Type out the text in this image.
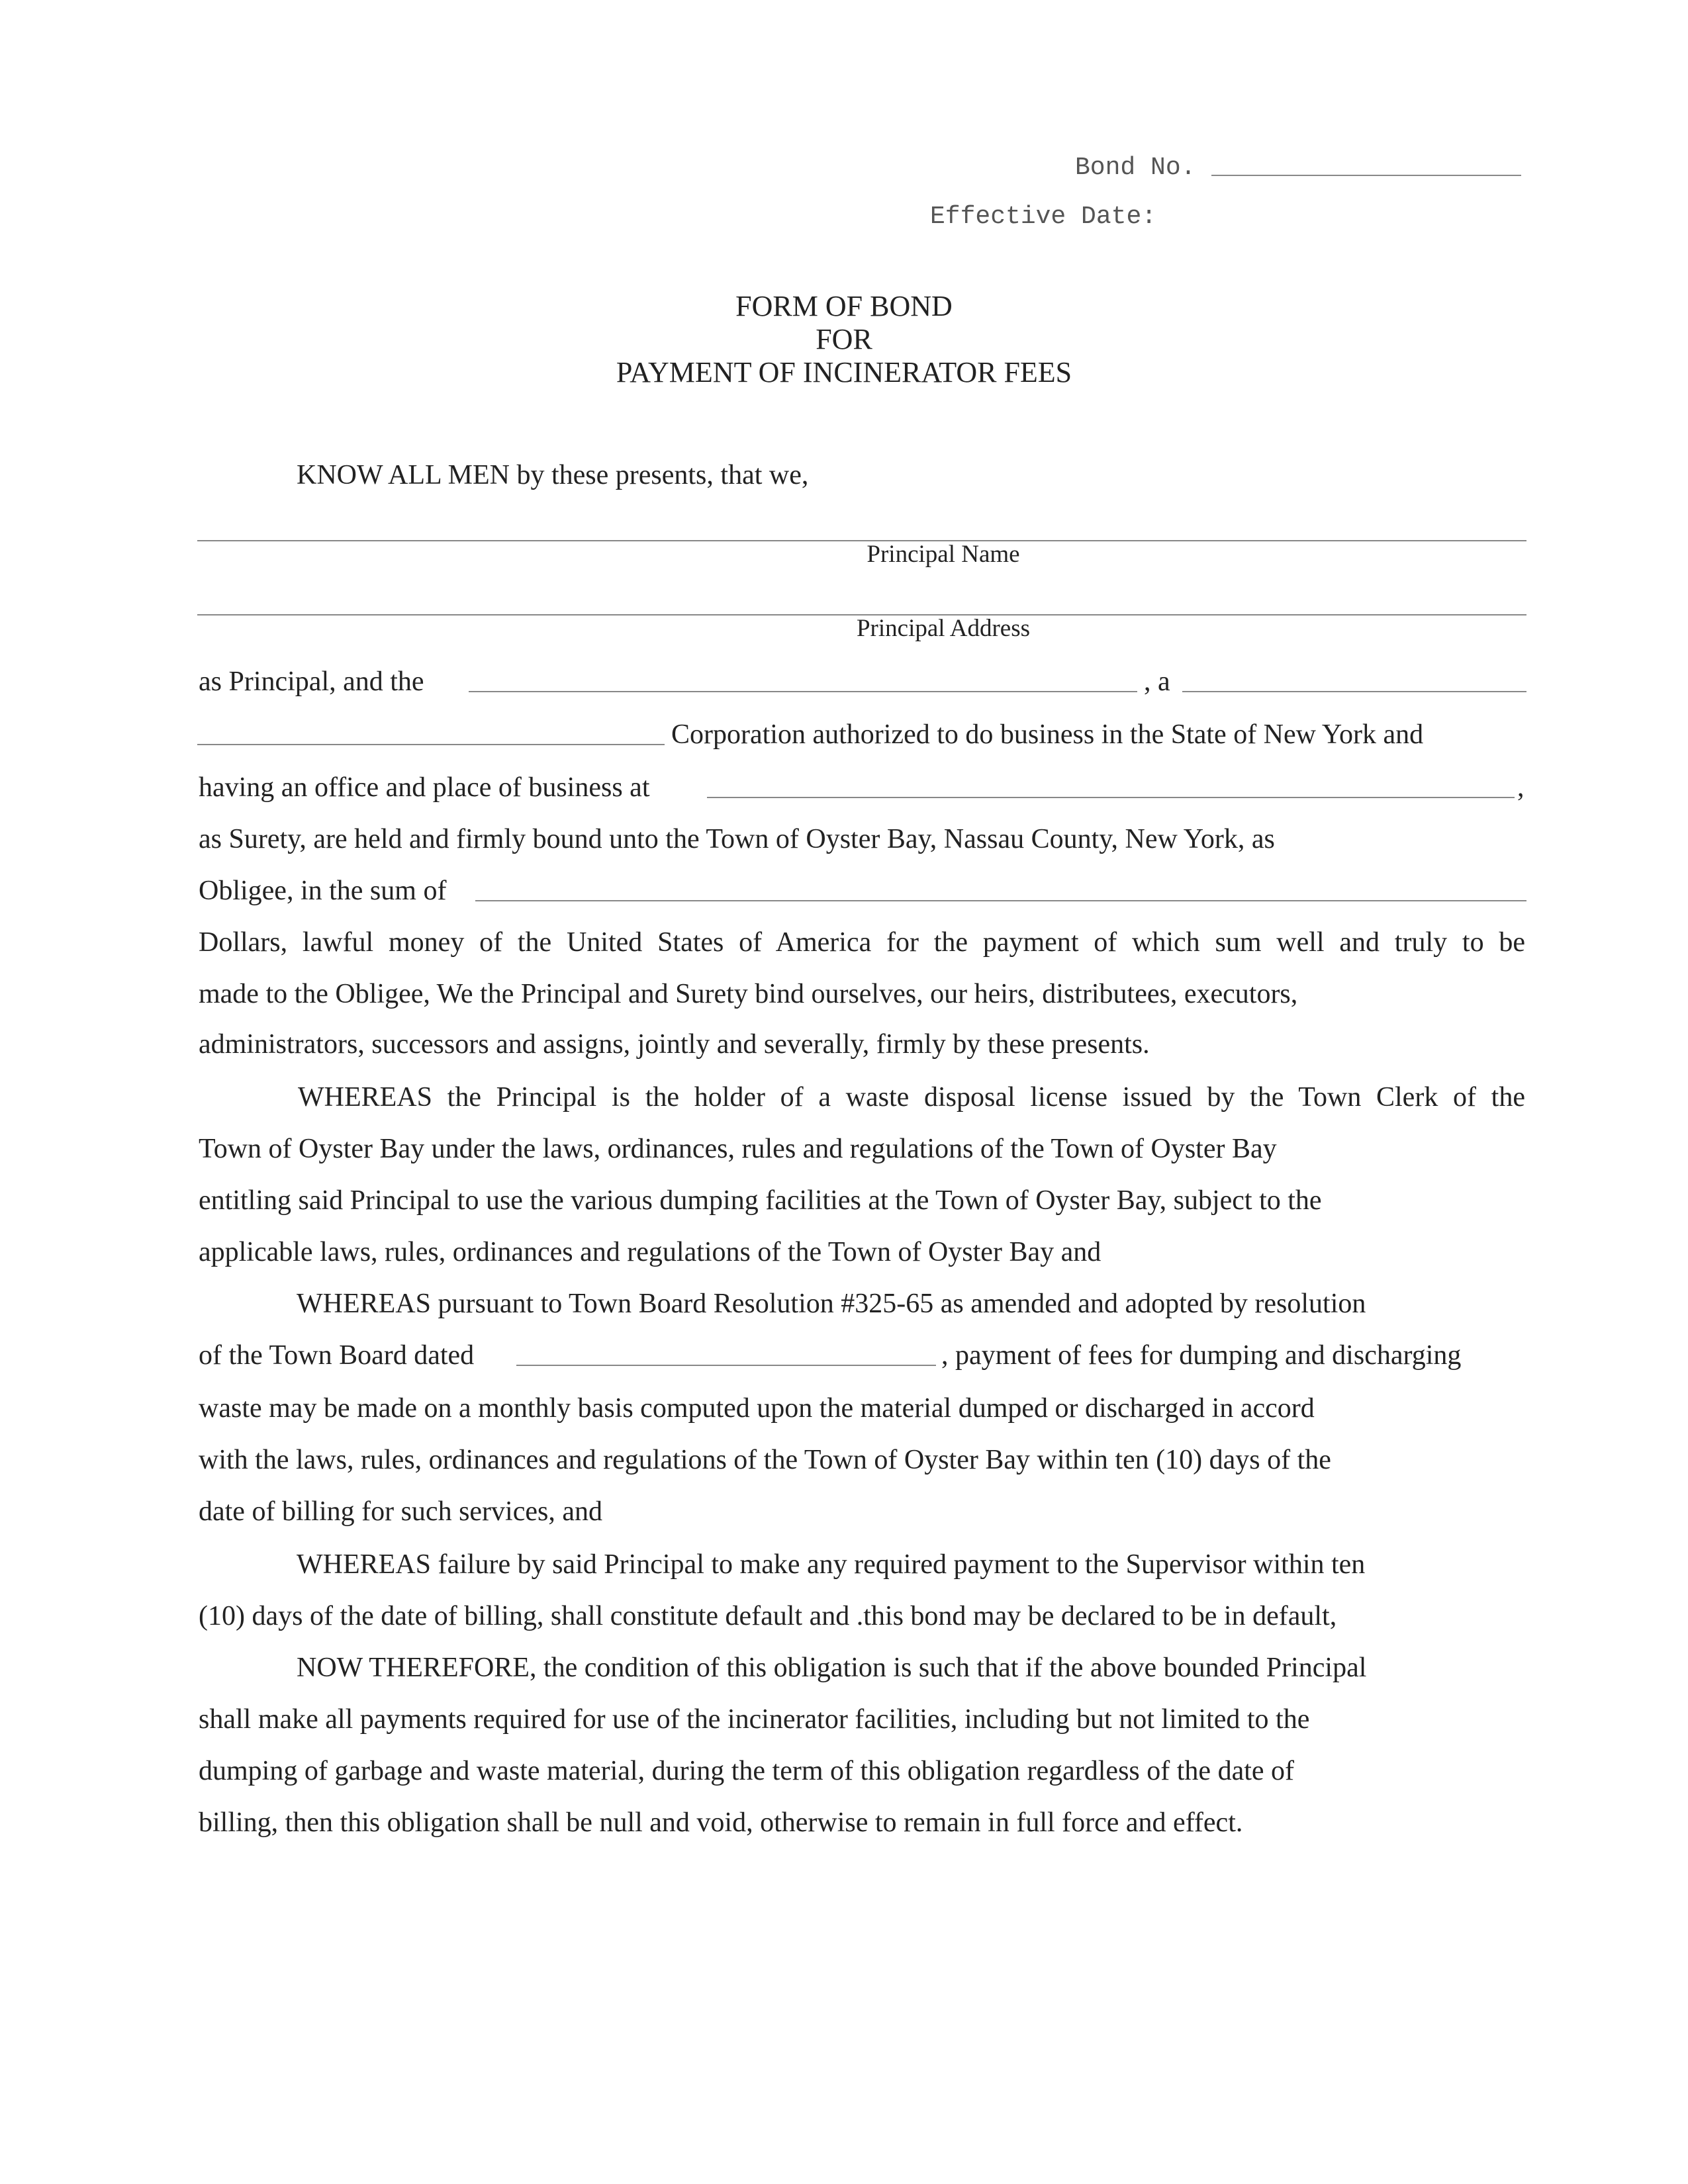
Bond No.
Effective Date:
FORM OF BOND
FOR
PAYMENT OF INCINERATOR FEES
KNOW ALL MEN by these presents, that we,
Principal Name
Principal Address
as Principal, and the	, a
Corporation authorized to do business in the State of New York and
having an office and place of business at	,
as Surety, are held and firmly bound unto the Town of Oyster Bay, Nassau County, New York, as
Obligee, in the sum of
Dollars, lawful money of the United States of America for the payment of which sum well and truly to be
made to the Obligee, We the Principal and Surety bind ourselves, our heirs, distributees, executors,
administrators, successors and assigns, jointly and severally, firmly by these presents.
WHEREAS the Principal is the holder of a waste disposal license issued by the Town Clerk of the
Town of Oyster Bay under the laws, ordinances, rules and regulations of the Town of Oyster Bay
entitling said Principal to use the various dumping facilities at the Town of Oyster Bay, subject to the
applicable laws, rules, ordinances and regulations of the Town of Oyster Bay and
WHEREAS pursuant to Town Board Resolution #325-65 as amended and adopted by resolution
of the Town Board dated	, payment of fees for dumping and discharging
waste may be made on a monthly basis computed upon the material dumped or discharged in accord
with the laws, rules, ordinances and regulations of the Town of Oyster Bay within ten (10) days of the
date of billing for such services, and
WHEREAS failure by said Principal to make any required payment to the Supervisor within ten
(10) days of the date of billing, shall constitute default and .this bond may be declared to be in default,
NOW THEREFORE, the condition of this obligation is such that if the above bounded Principal
shall make all payments required for use of the incinerator facilities, including but not limited to the
dumping of garbage and waste material, during the term of this obligation regardless of the date of
billing, then this obligation shall be null and void, otherwise to remain in full force and effect.
